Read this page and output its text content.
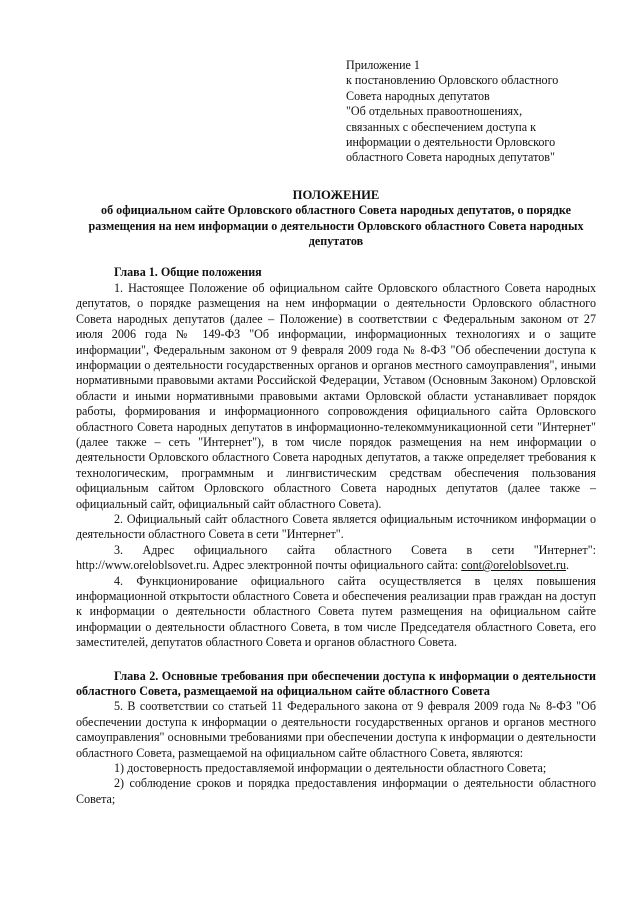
Приложение 1
к постановлению Орловского областного
Совета народных депутатов
"Об отдельных правоотношениях,
связанных с обеспечением доступа к
информации о деятельности Орловского
областного Совета народных депутатов"
ПОЛОЖЕНИЕ
об официальном сайте Орловского областного Совета народных депутатов, о порядке размещения на нем информации о деятельности Орловского областного Совета народных депутатов
Глава 1. Общие положения

1. Настоящее Положение об официальном сайте Орловского областного Совета народных депутатов, о порядке размещения на нем информации о деятельности Орловского областного Совета народных депутатов (далее – Положение) в соответствии с Федеральным законом от 27 июля 2006 года № 149-ФЗ "Об информации, информационных технологиях и о защите информации", Федеральным законом от 9 февраля 2009 года № 8-ФЗ "Об обеспечении доступа к информации о деятельности государственных органов и органов местного самоуправления", иными нормативными правовыми актами Российской Федерации, Уставом (Основным Законом) Орловской области и иными нормативными правовыми актами Орловской области устанавливает порядок работы, формирования и информационного сопровождения официального сайта Орловского областного Совета народных депутатов в информационно-телекоммуникационной сети "Интернет" (далее также – сеть "Интернет"), в том числе порядок размещения на нем информации о деятельности Орловского областного Совета народных депутатов, а также определяет требования к технологическим, программным и лингвистическим средствам обеспечения пользования официальным сайтом Орловского областного Совета народных депутатов (далее также – официальный сайт, официальный сайт областного Совета).

2. Официальный сайт областного Совета является официальным источником информации о деятельности областного Совета в сети "Интернет".

3. Адрес официального сайта областного Совета в сети "Интернет": http://www.oreloblsovet.ru. Адрес электронной почты официального сайта: cont@oreloblsovet.ru.

4. Функционирование официального сайта осуществляется в целях повышения информационной открытости областного Совета и обеспечения реализации прав граждан на доступ к информации о деятельности областного Совета путем размещения на официальном сайте информации о деятельности областного Совета, в том числе Председателя областного Совета, его заместителей, депутатов областного Совета и органов областного Совета.

Глава 2. Основные требования при обеспечении доступа к информации о деятельности областного Совета, размещаемой на официальном сайте областного Совета

5. В соответствии со статьей 11 Федерального закона от 9 февраля 2009 года № 8-ФЗ "Об обеспечении доступа к информации о деятельности государственных органов и органов местного самоуправления" основными требованиями при обеспечении доступа к информации о деятельности областного Совета, размещаемой на официальном сайте областного Совета, являются:

1) достоверность предоставляемой информации о деятельности областного Совета;

2) соблюдение сроков и порядка предоставления информации о деятельности областного Совета;
